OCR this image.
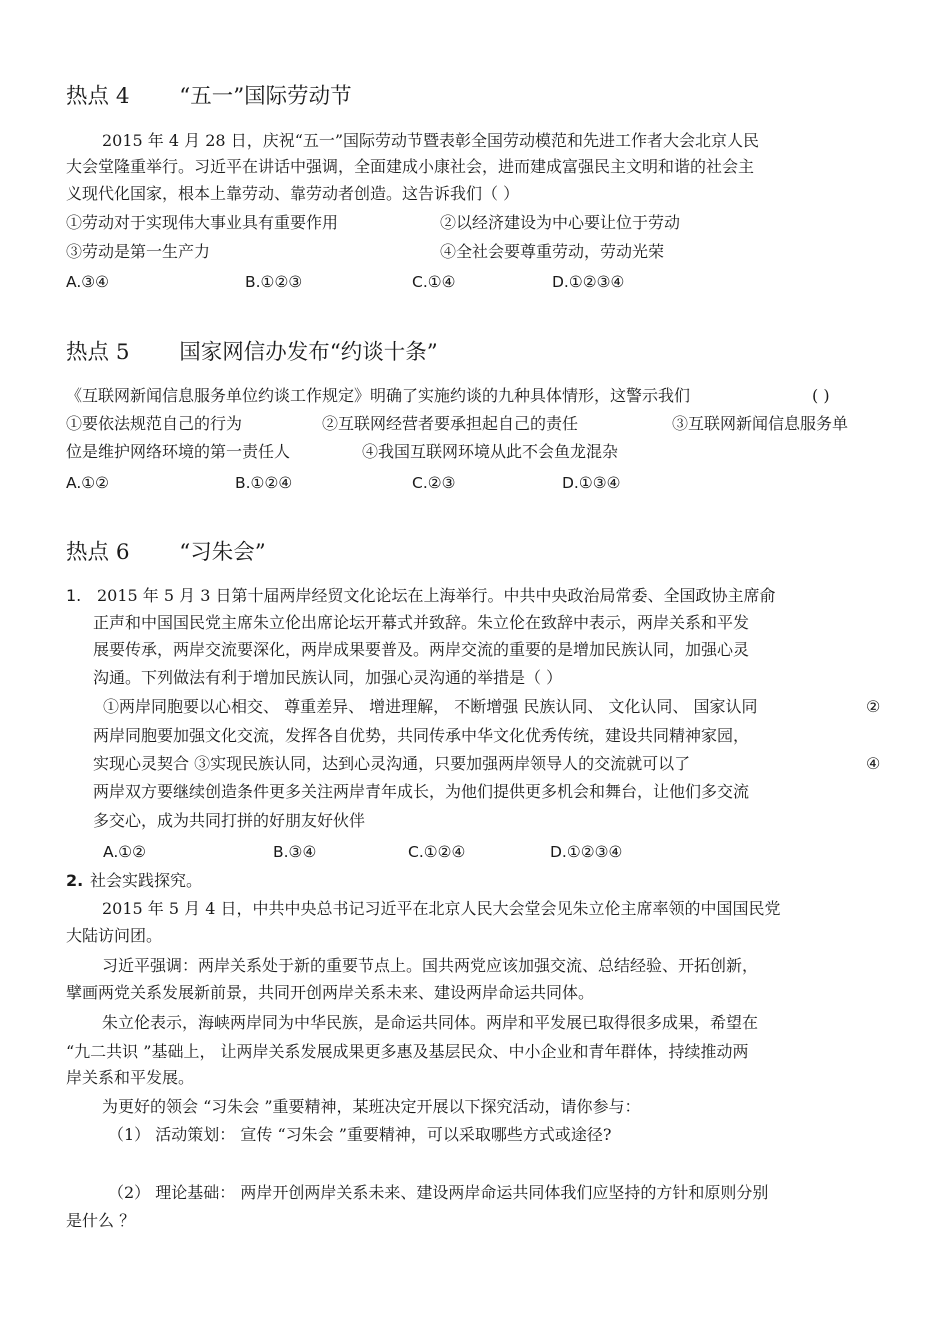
热点 4 “五一”国际劳动节
2015 年 4 月 28 日，庆祝“五一”国际劳动节暨表彰全国劳动模范和先进工作者大会北京人民
大会堂隆重举行。习近平在讲话中强调，全面建成小康社会，进而建成富强民主文明和谐的社会主
义现代化国家，根本上靠劳动、靠劳动者创造。这告诉我们（ ）
①劳动对于实现伟大事业具有重要作用	②以经济建设为中心要让位于劳动
③劳动是第一生产力	④全社会要尊重劳动，劳动光荣
A.③④	B.①②③	C.①④	D.①②③④
热点 5 国家网信办发布“约谈十条”
《互联网新闻信息服务单位约谈工作规定》明确了实施约谈的九种具体情形，这警示我们	( )
①要依法规范自己的行为	②互联网经营者要承担起自己的责任	③互联网新闻信息服务单
位是维护网络环境的第一责任人	④我国互联网环境从此不会鱼龙混杂
A.①②	B.①②④	C.②③	D.①③④
热点 6 “习朱会”
1. 2015 年 5 月 3 日第十届两岸经贸文化论坛在上海举行。中共中央政治局常委、全国政协主席俞
正声和中国国民党主席朱立伦出席论坛开幕式并致辞。朱立伦在致辞中表示，两岸关系和平发
展要传承，两岸交流要深化，两岸成果要普及。两岸交流的重要的是增加民族认同，加强心灵
沟通。下列做法有利于增加民族认同，加强心灵沟通的举措是（ ）
①两岸同胞要以心相交、 尊重差异、 增进理解， 不断增强 民族认同、 文化认同、 国家认同	②
两岸同胞要加强文化交流，发挥各自优势，共同传承中华文化优秀传统，建设共同精神家园，
实现心灵契合 ③实现民族认同，达到心灵沟通，只要加强两岸领导人的交流就可以了	④
两岸双方要继续创造条件更多关注两岸青年成长，为他们提供更多机会和舞台，让他们多交流
多交心，成为共同打拼的好朋友好伙伴
A.①②	B.③④	C.①②④	D.①②③④
2. 社会实践探究。
2015 年 5 月 4 日，中共中央总书记习近平在北京人民大会堂会见朱立伦主席率领的中国国民党
大陆访问团。
习近平强调：两岸关系处于新的重要节点上。国共两党应该加强交流、总结经验、开拓创新，
擘画两党关系发展新前景，共同开创两岸关系未来、建设两岸命运共同体。
朱立伦表示，海峡两岸同为中华民族，是命运共同体。两岸和平发展已取得很多成果，希望在
“九二共识 ”基础上， 让两岸关系发展成果更多惠及基层民众、中小企业和青年群体，持续推动两
岸关系和平发展。
为更好的领会 “习朱会 ”重要精神，某班决定开展以下探究活动，请你参与：
（1） 活动策划： 宣传 “习朱会 ”重要精神，可以采取哪些方式或途径?
（2） 理论基础： 两岸开创两岸关系未来、建设两岸命运共同体我们应坚持的方针和原则分别
是什么 ？
